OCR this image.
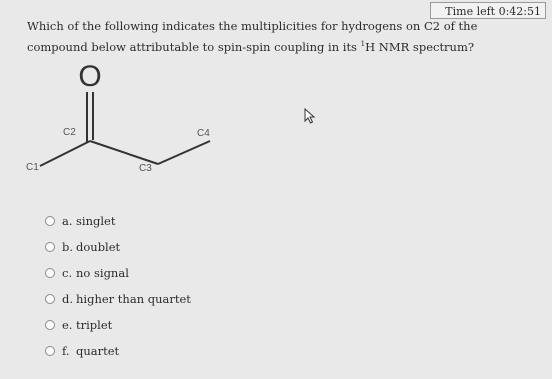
Time left 0:42:51

Which of the following indicates the multiplicities for hydrogens on C2 of the compound below attributable to spin-spin coupling in its $^1$H NMR spectrum?

O
C1
C2
C3
C4
a. singlet
b. doublet
c. no signal
d. higher than quartet
e. triplet
f. quartet
